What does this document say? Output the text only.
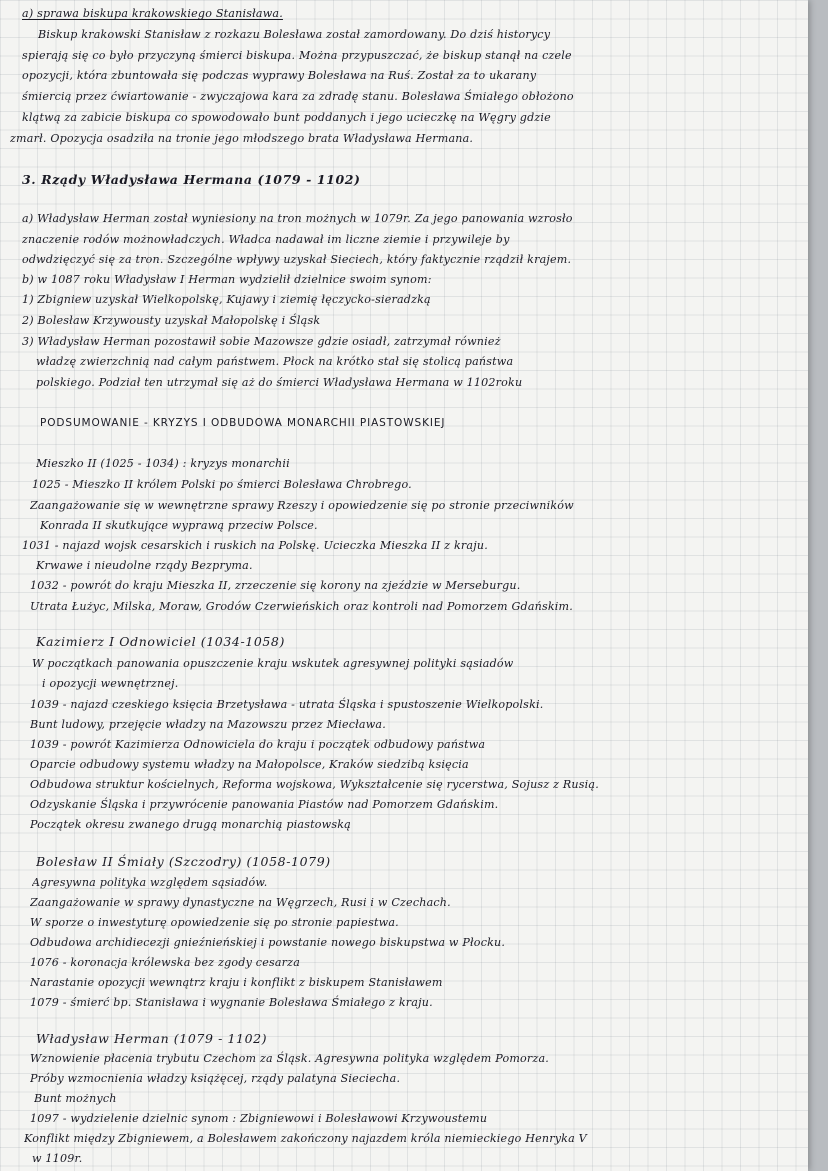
a) sprawa biskupa krakowskiego Stanisława.
Biskup krakowski Stanisław z rozkazu Bolesława został zamordowany. Do dziś historycy
spierają się co było przyczyną śmierci biskupa. Można przypuszczać, że biskup stanął na czele
opozycji, która zbuntowała się podczas wyprawy Bolesława na Ruś. Został za to ukarany
śmiercią przez ćwiartowanie - zwyczajowa kara za zdradę stanu. Bolesława Śmiałego obłożono
klątwą za zabicie biskupa co spowodowało bunt poddanych i jego ucieczkę na Węgry gdzie
zmarł. Opozycja osadziła na tronie jego młodszego brata Władysława Hermana.
3. Rządy Władysława Hermana (1079 - 1102)
a) Władysław Herman został wyniesiony na tron możnych w 1079r. Za jego panowania wzrosło
znaczenie rodów możnowładczych. Władca nadawał im liczne ziemie i przywileje by
odwdzięczyć się za tron. Szczególne wpływy uzyskał Sieciech, który faktycznie rządził krajem.
b) w 1087 roku Władysław I Herman wydzielił dzielnice swoim synom:
1) Zbigniew uzyskał Wielkopolskę, Kujawy i ziemię łęczycko-sieradzką
2) Bolesław Krzywousty uzyskał Małopolskę i Śląsk
3) Władysław Herman pozostawił sobie Mazowsze gdzie osiadł, zatrzymał również
władzę zwierzchnią nad całym państwem. Płock na krótko stał się stolicą państwa
polskiego. Podział ten utrzymał się aż do śmierci Władysława Hermana w 1102roku
PODSUMOWANIE - KRYZYS I ODBUDOWA MONARCHII PIASTOWSKIEJ
Mieszko II (1025 - 1034) : kryzys monarchii
1025 - Mieszko II królem Polski po śmierci Bolesława Chrobrego.
Zaangażowanie się w wewnętrzne sprawy Rzeszy i opowiedzenie się po stronie przeciwników
Konrada II skutkujące wyprawą przeciw Polsce.
1031 - najazd wojsk cesarskich i ruskich na Polskę. Ucieczka Mieszka II z kraju.
Krwawe i nieudolne rządy Bezpryma.
1032 - powrót do kraju Mieszka II, zrzeczenie się korony na zjeździe w Merseburgu.
Utrata Łużyc, Milska, Moraw, Grodów Czerwieńskich oraz kontroli nad Pomorzem Gdańskim.
Kazimierz I Odnowiciel (1034-1058)
W początkach panowania opuszczenie kraju wskutek agresywnej polityki sąsiadów
i opozycji wewnętrznej.
1039 - najazd czeskiego księcia Brzetysława - utrata Śląska i spustoszenie Wielkopolski.
Bunt ludowy, przejęcie władzy na Mazowszu przez Miecława.
1039 - powrót Kazimierza Odnowiciela do kraju i początek odbudowy państwa
Oparcie odbudowy systemu władzy na Małopolsce, Kraków siedzibą księcia
Odbudowa struktur kościelnych, Reforma wojskowa, Wykształcenie się rycerstwa, Sojusz z Rusią.
Odzyskanie Śląska i przywrócenie panowania Piastów nad Pomorzem Gdańskim.
Początek okresu zwanego drugą monarchią piastowską
Bolesław II Śmiały (Szczodry) (1058-1079)
Agresywna polityka względem sąsiadów.
Zaangażowanie w sprawy dynastyczne na Węgrzech, Rusi i w Czechach.
W sporze o inwestyturę opowiedzenie się po stronie papiestwa.
Odbudowa archidiecezji gnieźnieńskiej i powstanie nowego biskupstwa w Płocku.
1076 - koronacja królewska bez zgody cesarza
Narastanie opozycji wewnątrz kraju i konflikt z biskupem Stanisławem
1079 - śmierć bp. Stanisława i wygnanie Bolesława Śmiałego z kraju.
Władysław Herman (1079 - 1102)
Wznowienie płacenia trybutu Czechom za Śląsk. Agresywna polityka względem Pomorza.
Próby wzmocnienia władzy książęcej, rządy palatyna Sieciecha.
Bunt możnych
1097 - wydzielenie dzielnic synom : Zbigniewowi i Bolesławowi Krzywoustemu
Konflikt między Zbigniewem, a Bolesławem zakończony najazdem króla niemieckiego Henryka V
w 1109r.
